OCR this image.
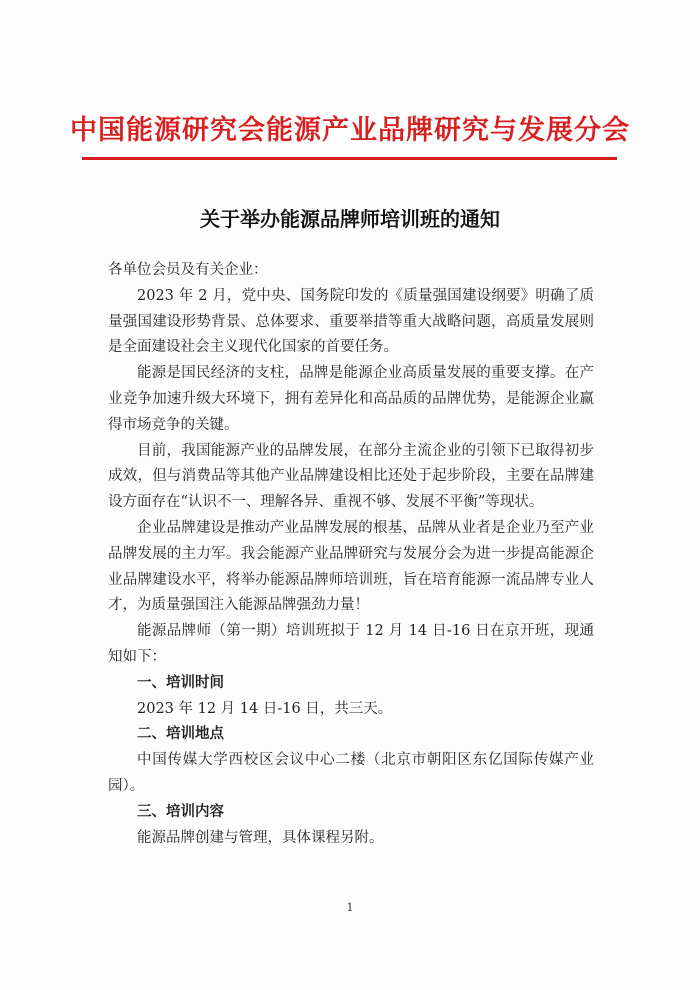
中国能源研究会能源产业品牌研究与发展分会
关于举办能源品牌师培训班的通知

各单位会员及有关企业：

2023 年 2 月，党中央、国务院印发的《质量强国建设纲要》明确了质量强国建设形势背景、总体要求、重要举措等重大战略问题，高质量发展则是全面建设社会主义现代化国家的首要任务。

能源是国民经济的支柱，品牌是能源企业高质量发展的重要支撑。在产业竞争加速升级大环境下，拥有差异化和高品质的品牌优势，是能源企业赢得市场竞争的关键。

目前，我国能源产业的品牌发展，在部分主流企业的引领下已取得初步成效，但与消费品等其他产业品牌建设相比还处于起步阶段，主要在品牌建设方面存在“认识不一、理解各异、重视不够、发展不平衡”等现状。

企业品牌建设是推动产业品牌发展的根基，品牌从业者是企业乃至产业品牌发展的主力军。我会能源产业品牌研究与发展分会为进一步提高能源企业品牌建设水平，将举办能源品牌师培训班，旨在培育能源一流品牌专业人才，为质量强国注入能源品牌强劲力量！

能源品牌师（第一期）培训班拟于 12 月 14 日-16 日在京开班，现通知如下：

一、培训时间

2023 年 12 月 14 日-16 日，共三天。

二、培训地点

中国传媒大学西校区会议中心二楼（北京市朝阳区东亿国际传媒产业园）。

三、培训内容

能源品牌创建与管理，具体课程另附。

1
